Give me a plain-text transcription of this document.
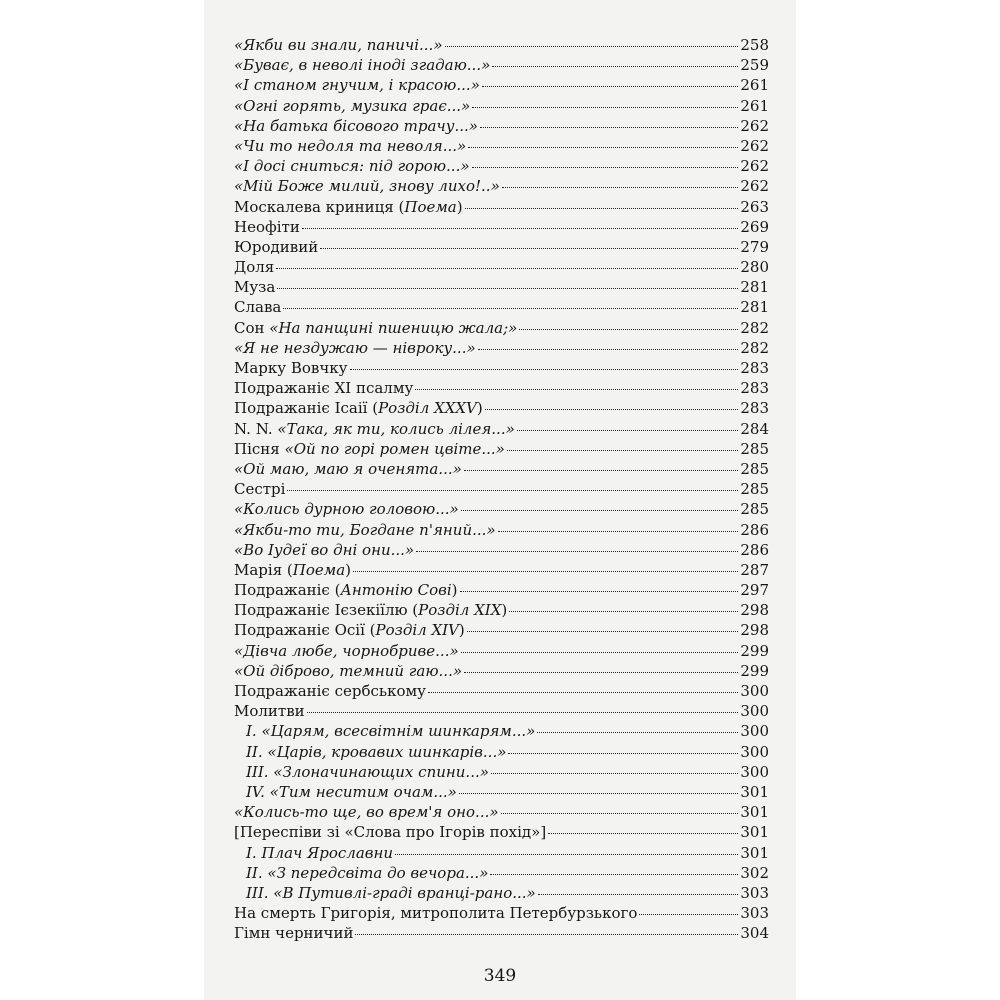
«Якби ви знали, паничі...»	258
«Буває, в неволі іноді згадаю...»	259
«І станом гнучим, і красою...»	261
«Огні горять, музика грає...»	261
«На батька бісового трачу...»	262
«Чи то недоля та неволя...»	262
«І досі сниться: під горою...»	262
«Мій Боже милий, знову лихо!..»	262
Москалева криниця (Поема)	263
Неофіти	269
Юродивий	279
Доля	280
Муза	281
Слава	281
Сон «На панщині пшеницю жала;»	282
«Я не нездужаю — нівроку...»	282
Марку Вовчку	283
Подражаніє XI псалму	283
Подражаніє Ісаії (Розділ XXXV)	283
N. N. «Така, як ти, колись лілея...»	284
Пісня «Ой по горі ромен цвіте...»	285
«Ой маю, маю я оченята...»	285
Сестрі	285
«Колись дурною головою...»	285
«Якби-то ти, Богдане п'яний...»	286
«Во Іудеї во дні они...»	286
Марія (Поема)	287
Подражаніє (Антонію Сові)	297
Подражаніє Ієзекіїлю (Розділ XIX)	298
Подражаніє Осії (Розділ XIV)	298
«Дівча любе, чорнобриве...»	299
«Ой діброво, темний гаю...»	299
Подражаніє сербському	300
Молитви	300
I. «Царям, всесвітнім шинкарям...»	300
II. «Царів, кровавих шинкарів...»	300
III. «Злоначинающих спини...»	300
IV. «Тим неситим очам...»	301
«Колись-то ще, во врем'я оно...»	301
[Переспіви зі «Слова про Ігорів похід»]	301
I. Плач Ярославни	301
II. «З передсвіта до вечора...»	302
III. «В Путивлі-граді вранці-рано...»	303
На смерть Григорія, митрополита Петербурзького	303
Гімн черничий	304
349
